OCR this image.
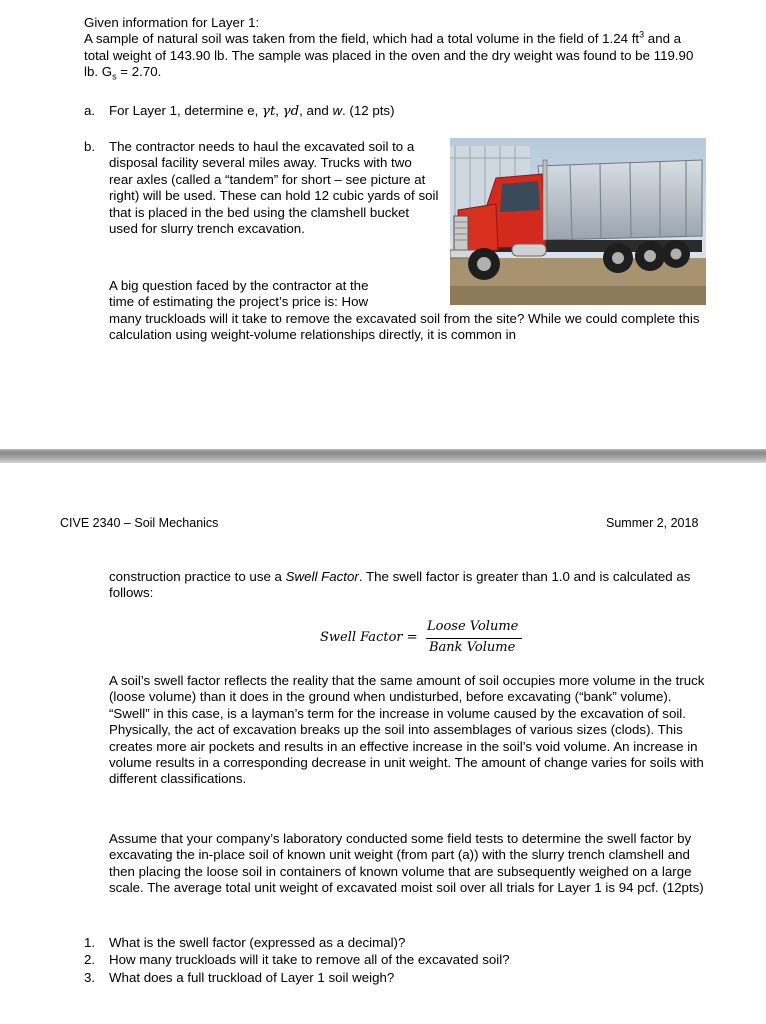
Given information for Layer 1:

A sample of natural soil was taken from the field, which had a total volume in the field of 1.24 $ft^3$ and a total weight of 143.90 lb. The sample was placed in the oven and the dry weight was found to be 119.90 lb. $G_s = 2.70$.

a. For Layer 1, determine e, γt, γd, and w. (12 pts)
b. The contractor needs to haul the excavated soil to a disposal facility several miles away. Trucks with two rear axles (called a “tandem” for short – see picture at right) will be used. These can hold 12 cubic yards of soil that is placed in the bed using the clamshell bucket used for slurry trench excavation.

A big question faced by the contractor at the

time of estimating the project’s price is: How

many truckloads will it take to remove the excavated soil from the site? While we could complete this calculation using weight-volume relationships directly, it is common in

CIVE 2340 – Soil Mechanics	Summer 2, 2018

construction practice to use a Swell Factor. The swell factor is greater than 1.0 and is calculated as follows:

Swell Factor =
Loose Volume
Bank Volume

A soil’s swell factor reflects the reality that the same amount of soil occupies more volume in the truck (loose volume) than it does in the ground when undisturbed, before excavating (“bank” volume). “Swell” in this case, is a layman’s term for the increase in volume caused by the excavation of soil. Physically, the act of excavation breaks up the soil into assemblages of various sizes (clods). This creates more air pockets and results in an effective increase in the soil’s void volume. An increase in volume results in a corresponding decrease in unit weight. The amount of change varies for soils with different classifications.

Assume that your company’s laboratory conducted some field tests to determine the swell factor by excavating the in-place soil of known unit weight (from part (a)) with the slurry trench clamshell and then placing the loose soil in containers of known volume that are subsequently weighed on a large scale. The average total unit weight of excavated moist soil over all trials for Layer 1 is 94 pcf. (12pts)

1. What is the swell factor (expressed as a decimal)?
2. How many truckloads will it take to remove all of the excavated soil?
3. What does a full truckload of Layer 1 soil weigh?
